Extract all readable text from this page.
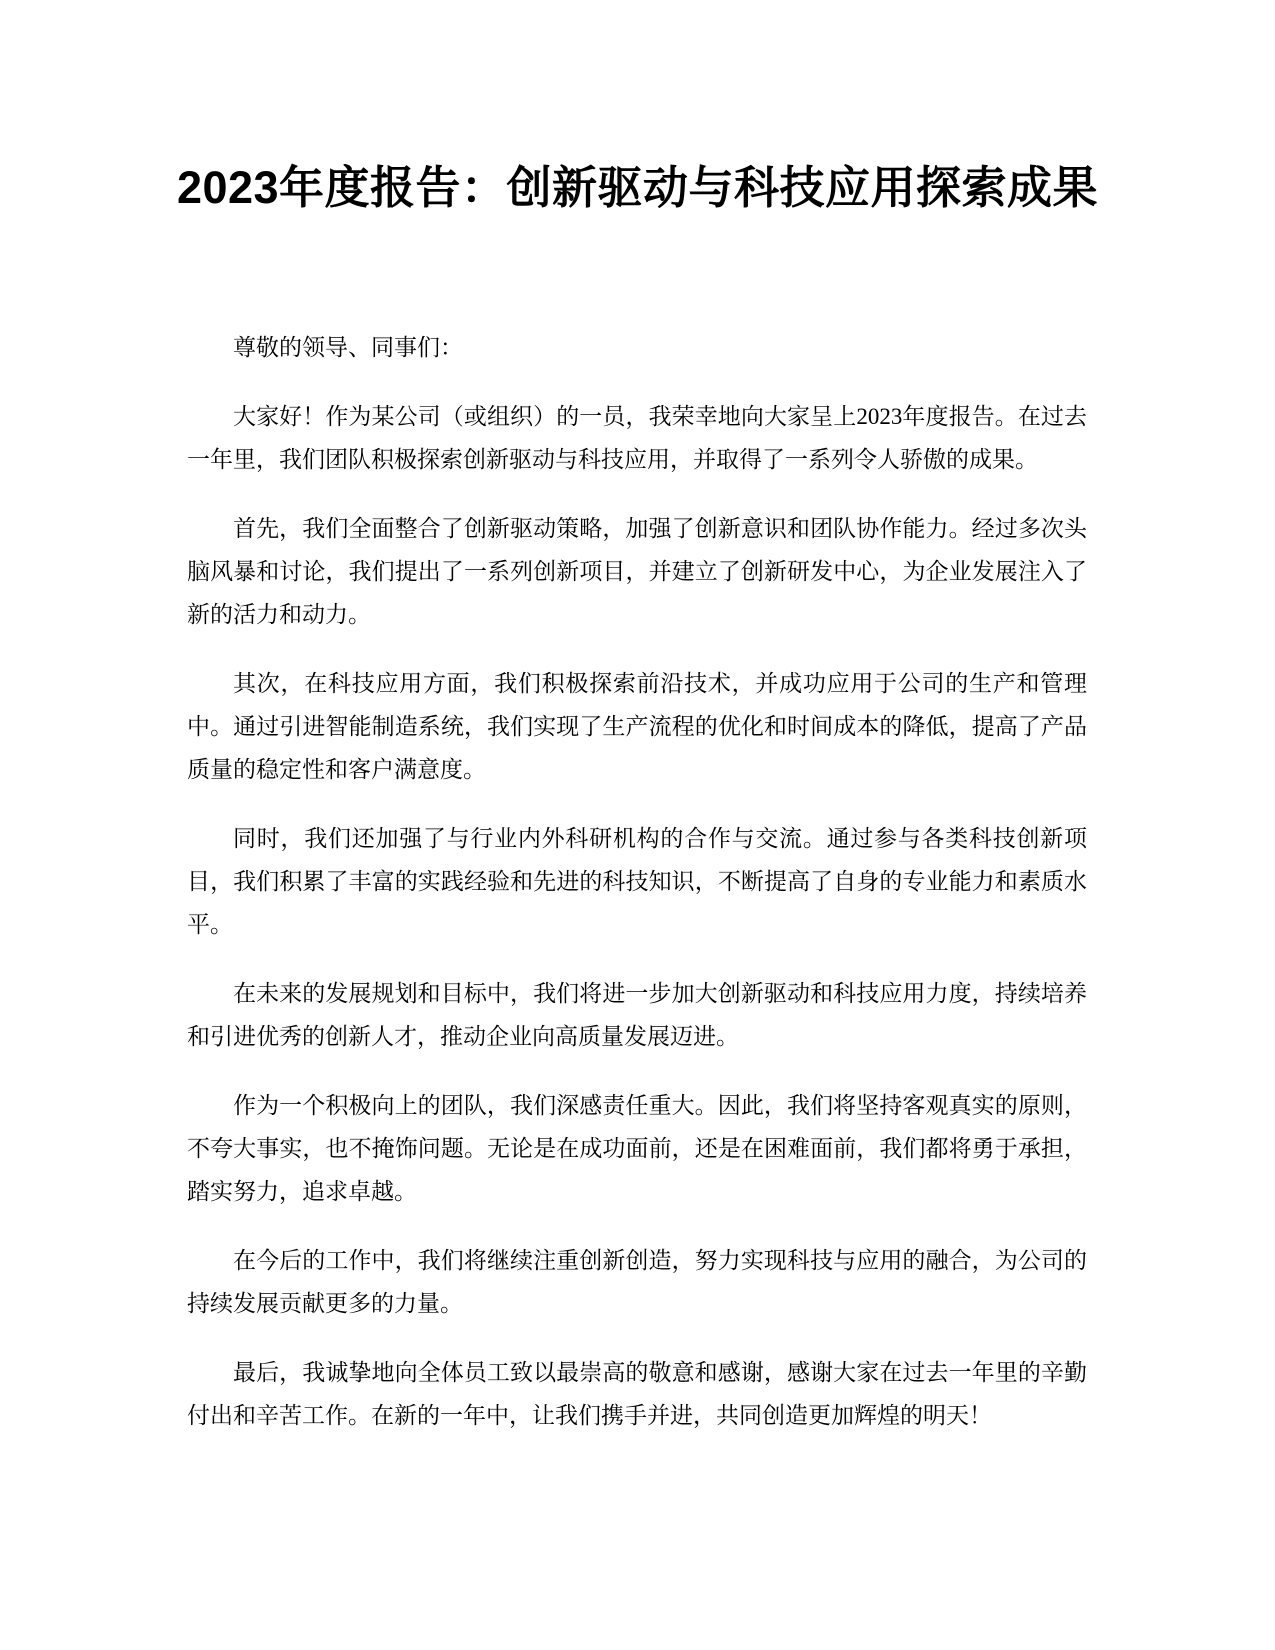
2023年度报告：创新驱动与科技应用探索成果

尊敬的领导、同事们：

大家好！作为某公司（或组织）的一员，我荣幸地向大家呈上2023年度报告。在过去一年里，我们团队积极探索创新驱动与科技应用，并取得了一系列令人骄傲的成果。

首先，我们全面整合了创新驱动策略，加强了创新意识和团队协作能力。经过多次头脑风暴和讨论，我们提出了一系列创新项目，并建立了创新研发中心，为企业发展注入了新的活力和动力。

其次，在科技应用方面，我们积极探索前沿技术，并成功应用于公司的生产和管理中。通过引进智能制造系统，我们实现了生产流程的优化和时间成本的降低，提高了产品质量的稳定性和客户满意度。

同时，我们还加强了与行业内外科研机构的合作与交流。通过参与各类科技创新项目，我们积累了丰富的实践经验和先进的科技知识，不断提高了自身的专业能力和素质水平。

在未来的发展规划和目标中，我们将进一步加大创新驱动和科技应用力度，持续培养和引进优秀的创新人才，推动企业向高质量发展迈进。

作为一个积极向上的团队，我们深感责任重大。因此，我们将坚持客观真实的原则，不夸大事实，也不掩饰问题。无论是在成功面前，还是在困难面前，我们都将勇于承担，踏实努力，追求卓越。

在今后的工作中，我们将继续注重创新创造，努力实现科技与应用的融合，为公司的持续发展贡献更多的力量。

最后，我诚挚地向全体员工致以最崇高的敬意和感谢，感谢大家在过去一年里的辛勤付出和辛苦工作。在新的一年中，让我们携手并进，共同创造更加辉煌的明天！
